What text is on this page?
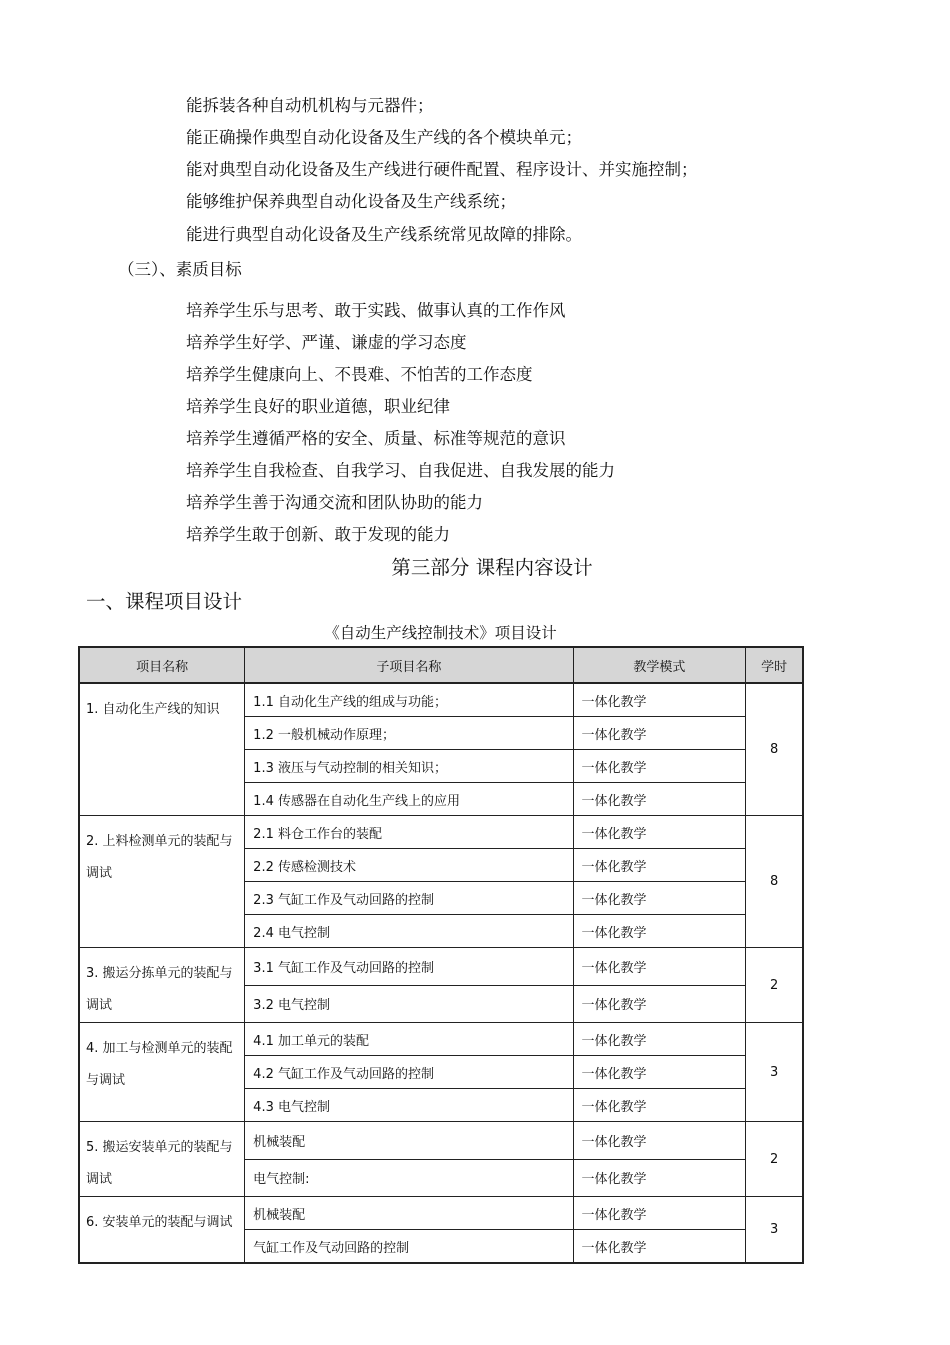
能拆装各种自动机机构与元器件；
能正确操作典型自动化设备及生产线的各个模块单元；
能对典型自动化设备及生产线进行硬件配置、程序设计、并实施控制；
能够维护保养典型自动化设备及生产线系统；
能进行典型自动化设备及生产线系统常见故障的排除。
（三）、素质目标
培养学生乐与思考、敢于实践、做事认真的工作作风
培养学生好学、严谨、谦虚的学习态度
培养学生健康向上、不畏难、不怕苦的工作态度
培养学生良好的职业道德，职业纪律
培养学生遵循严格的安全、质量、标准等规范的意识
培养学生自我检查、自我学习、自我促进、自我发展的能力
培养学生善于沟通交流和团队协助的能力
培养学生敢于创新、敢于发现的能力
第三部分 课程内容设计
一、课程项目设计
《自动生产线控制技术》项目设计
项目名称	子项目名称	教学模式	学时
1. 自动化生产线的知识	1.1 自动化生产线的组成与功能；	一体化教学	8
	1.2 一般机械动作原理；	一体化教学	
	1.3 液压与气动控制的相关知识；	一体化教学	
	1.4 传感器在自动化生产线上的应用	一体化教学	
2. 上料检测单元的装配与调试	2.1 料仓工作台的装配	一体化教学	8
	2.2 传感检测技术	一体化教学	
	2.3 气缸工作及气动回路的控制	一体化教学	
	2.4 电气控制	一体化教学	
3. 搬运分拣单元的装配与调试	3.1 气缸工作及气动回路的控制	一体化教学	2
	3.2 电气控制	一体化教学	
4. 加工与检测单元的装配与调试	4.1 加工单元的装配	一体化教学	3
	4.2 气缸工作及气动回路的控制	一体化教学	
	4.3 电气控制	一体化教学	
5. 搬运安装单元的装配与调试	机械装配	一体化教学	2
	电气控制:	一体化教学	
6. 安装单元的装配与调试	机械装配	一体化教学	3
	气缸工作及气动回路的控制	一体化教学	
